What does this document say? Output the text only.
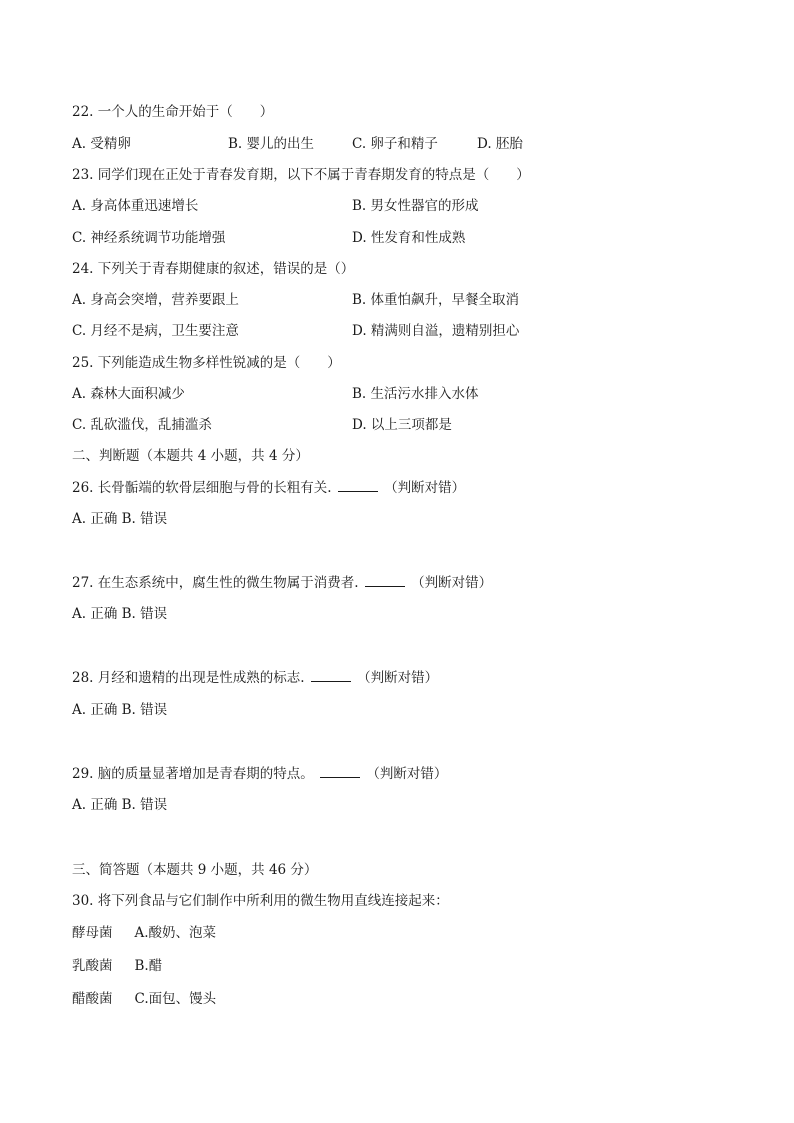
22. 一个人的生命开始于（　　）
A. 受精卵	B. 婴儿的出生	C. 卵子和精子	D. 胚胎
23. 同学们现在正处于青春发育期，以下不属于青春期发育的特点是（　　）
A. 身高体重迅速增长	B. 男女性器官的形成
C. 神经系统调节功能增强	D. 性发育和性成熟
24. 下列关于青春期健康的叙述，错误的是（）
A. 身高会突增，营养要跟上	B. 体重怕飙升，早餐全取消
C. 月经不是病，卫生要注意	D. 精满则自溢，遗精别担心
25. 下列能造成生物多样性锐减的是（　　）
A. 森林大面积减少	B. 生活污水排入水体
C. 乱砍滥伐，乱捕滥杀	D. 以上三项都是
二、判断题（本题共 4 小题，共 4 分）
26. 长骨骺端的软骨层细胞与骨的长粗有关.	（判断对错）
A. 正确 B. 错误
27. 在生态系统中，腐生性的微生物属于消费者.	（判断对错）
A. 正确 B. 错误
28. 月经和遗精的出现是性成熟的标志.	（判断对错）
A. 正确 B. 错误
29. 脑的质量显著增加是青春期的特点。	（判断对错）
A. 正确 B. 错误
三、简答题（本题共 9 小题，共 46 分）
30. 将下列食品与它们制作中所利用的微生物用直线连接起来：
酵母菌 A.酸奶、泡菜
乳酸菌 B.醋
醋酸菌 C.面包、馒头
